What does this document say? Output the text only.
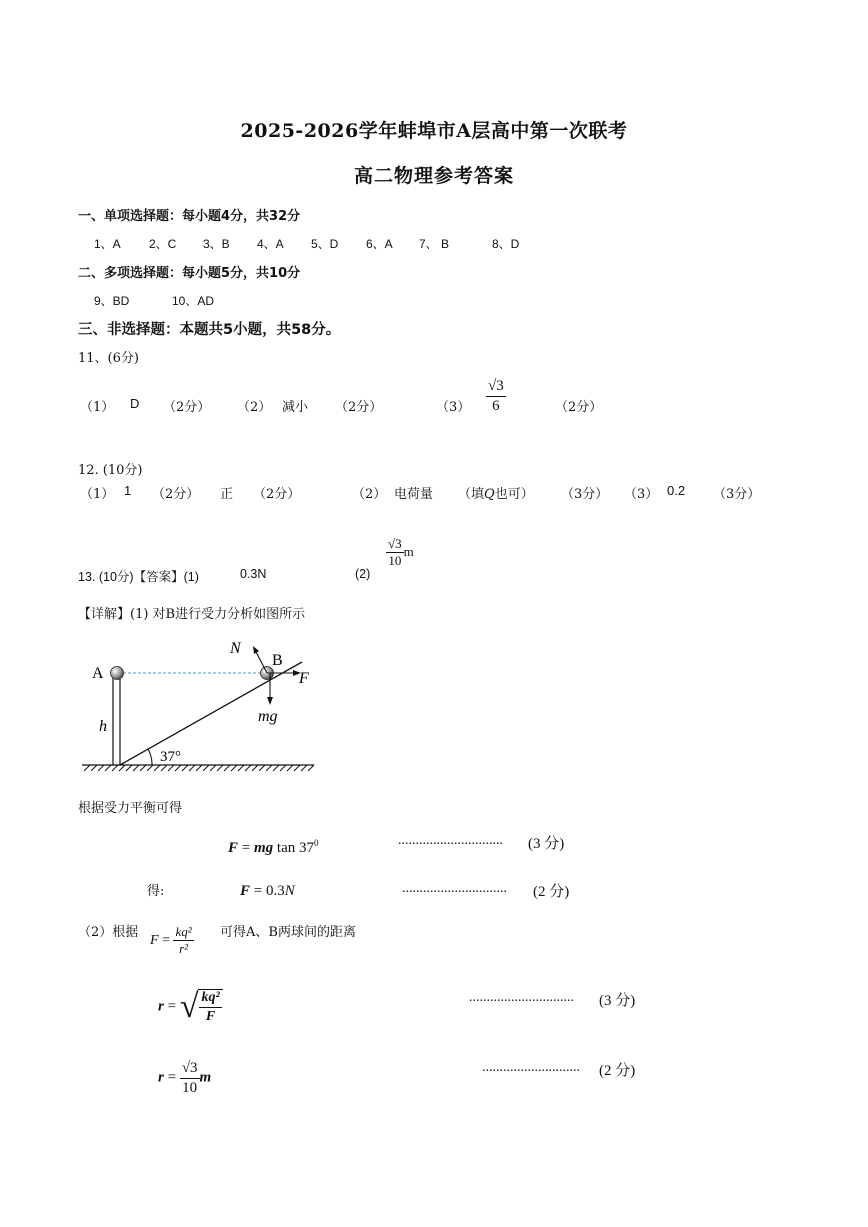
2025-2026学年蚌埠市A层高中第一次联考
高二物理参考答案
一、单项选择题：每小题4分，共32分
1、A 2、C 3、B 4、A 5、D 6、A 7、 B	8、D
二、多项选择题：每小题5分，共10分
9、BD	10、AD
三、非选择题：本题共5小题，共58分。
11、(6分)
（1） D （2分） （2） 减小 （2分）	$(3) \frac{√3}{6}$	（2分）
12. (10分)
（1） 1 （2分） 正 （2分）	（2） 电荷量 （填Q也可） （3分） （3） 0.2 （3分）
13. (10分)【答案】(1)	0.3N	(2)
$\frac{√3}{10}$ m
【详解】(1) 对B进行受力分析如图所示
A
B
N
F
mg
h
37°
根据受力平衡可得
F = mg $\tan 37^0$	.............................. (3 分)
得:	F = 0.3N	.............................. (2 分)
（2）根据
$F = \frac{\text{kq²}}{\text{r²}}$ 可得A、B两球间的距离
r = √ $\frac{\text{kq²}}{F}$	.............................. (3 分)
$r = \frac{√3}{10}$ m
............................ (2 分)
